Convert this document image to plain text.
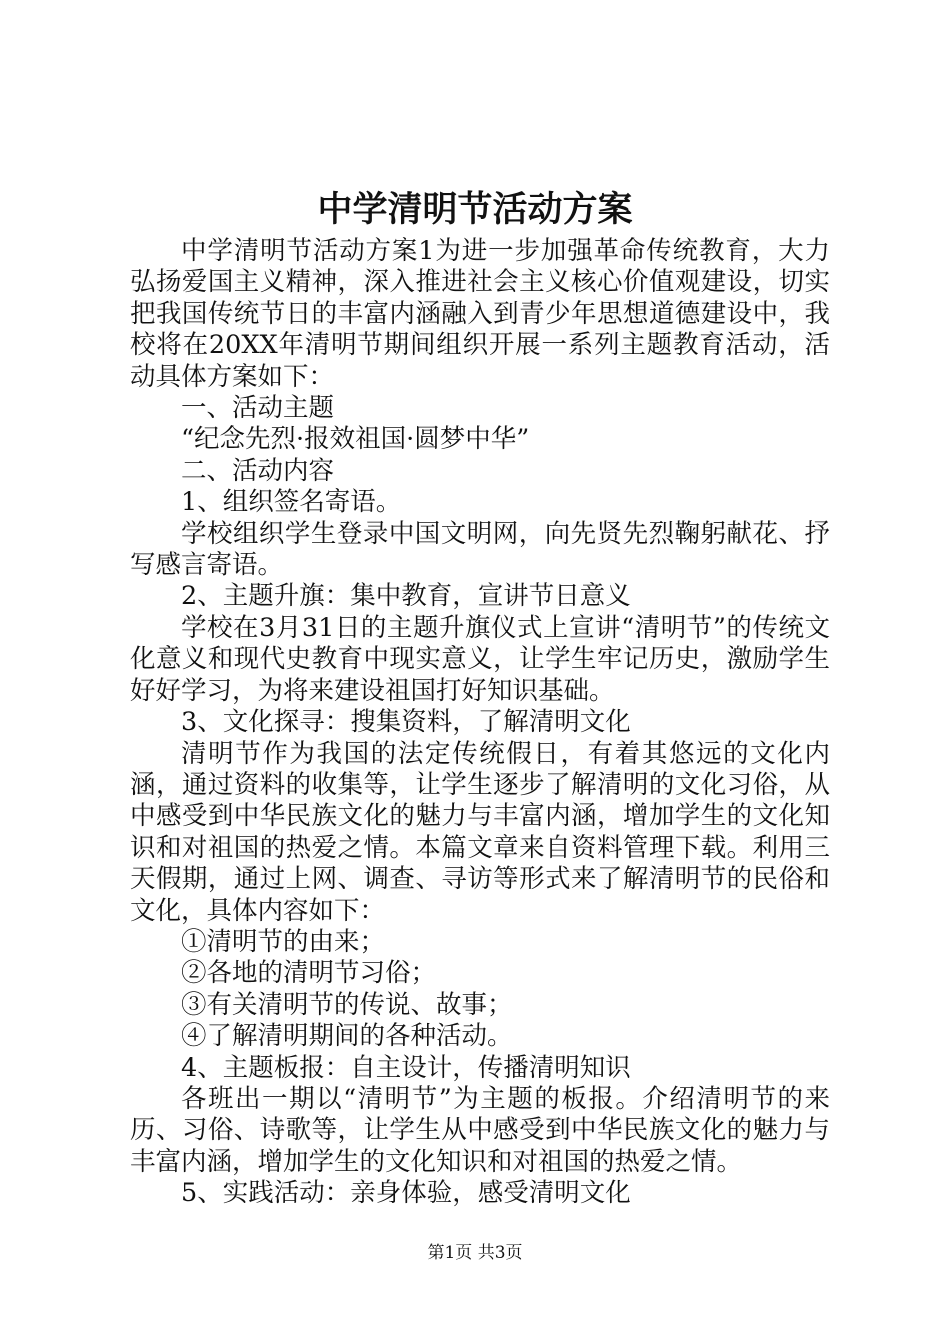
中学清明节活动方案

中学清明节活动方案1为进一步加强革命传统教育，大力弘扬爱国主义精神，深入推进社会主义核心价值观建设，切实把我国传统节日的丰富内涵融入到青少年思想道德建设中，我校将在20XX年清明节期间组织开展一系列主题教育活动，活动具体方案如下：

一、活动主题

“纪念先烈·报效祖国·圆梦中华”

二、活动内容

1、组织签名寄语。

学校组织学生登录中国文明网，向先贤先烈鞠躬献花、抒写感言寄语。

2、主题升旗：集中教育，宣讲节日意义

学校在3月31日的主题升旗仪式上宣讲“清明节”的传统文化意义和现代史教育中现实意义，让学生牢记历史，激励学生好好学习，为将来建设祖国打好知识基础。

3、文化探寻：搜集资料，了解清明文化

清明节作为我国的法定传统假日，有着其悠远的文化内涵，通过资料的收集等，让学生逐步了解清明的文化习俗，从中感受到中华民族文化的魅力与丰富内涵，增加学生的文化知识和对祖国的热爱之情。本篇文章来自资料管理下载。利用三天假期，通过上网、调查、寻访等形式来了解清明节的民俗和文化，具体内容如下：

①清明节的由来；

②各地的清明节习俗；

③有关清明节的传说、故事；

④了解清明期间的各种活动。

4、主题板报：自主设计，传播清明知识

各班出一期以“清明节”为主题的板报。介绍清明节的来历、习俗、诗歌等，让学生从中感受到中华民族文化的魅力与丰富内涵，增加学生的文化知识和对祖国的热爱之情。

5、实践活动：亲身体验，感受清明文化

第1页 共3页
